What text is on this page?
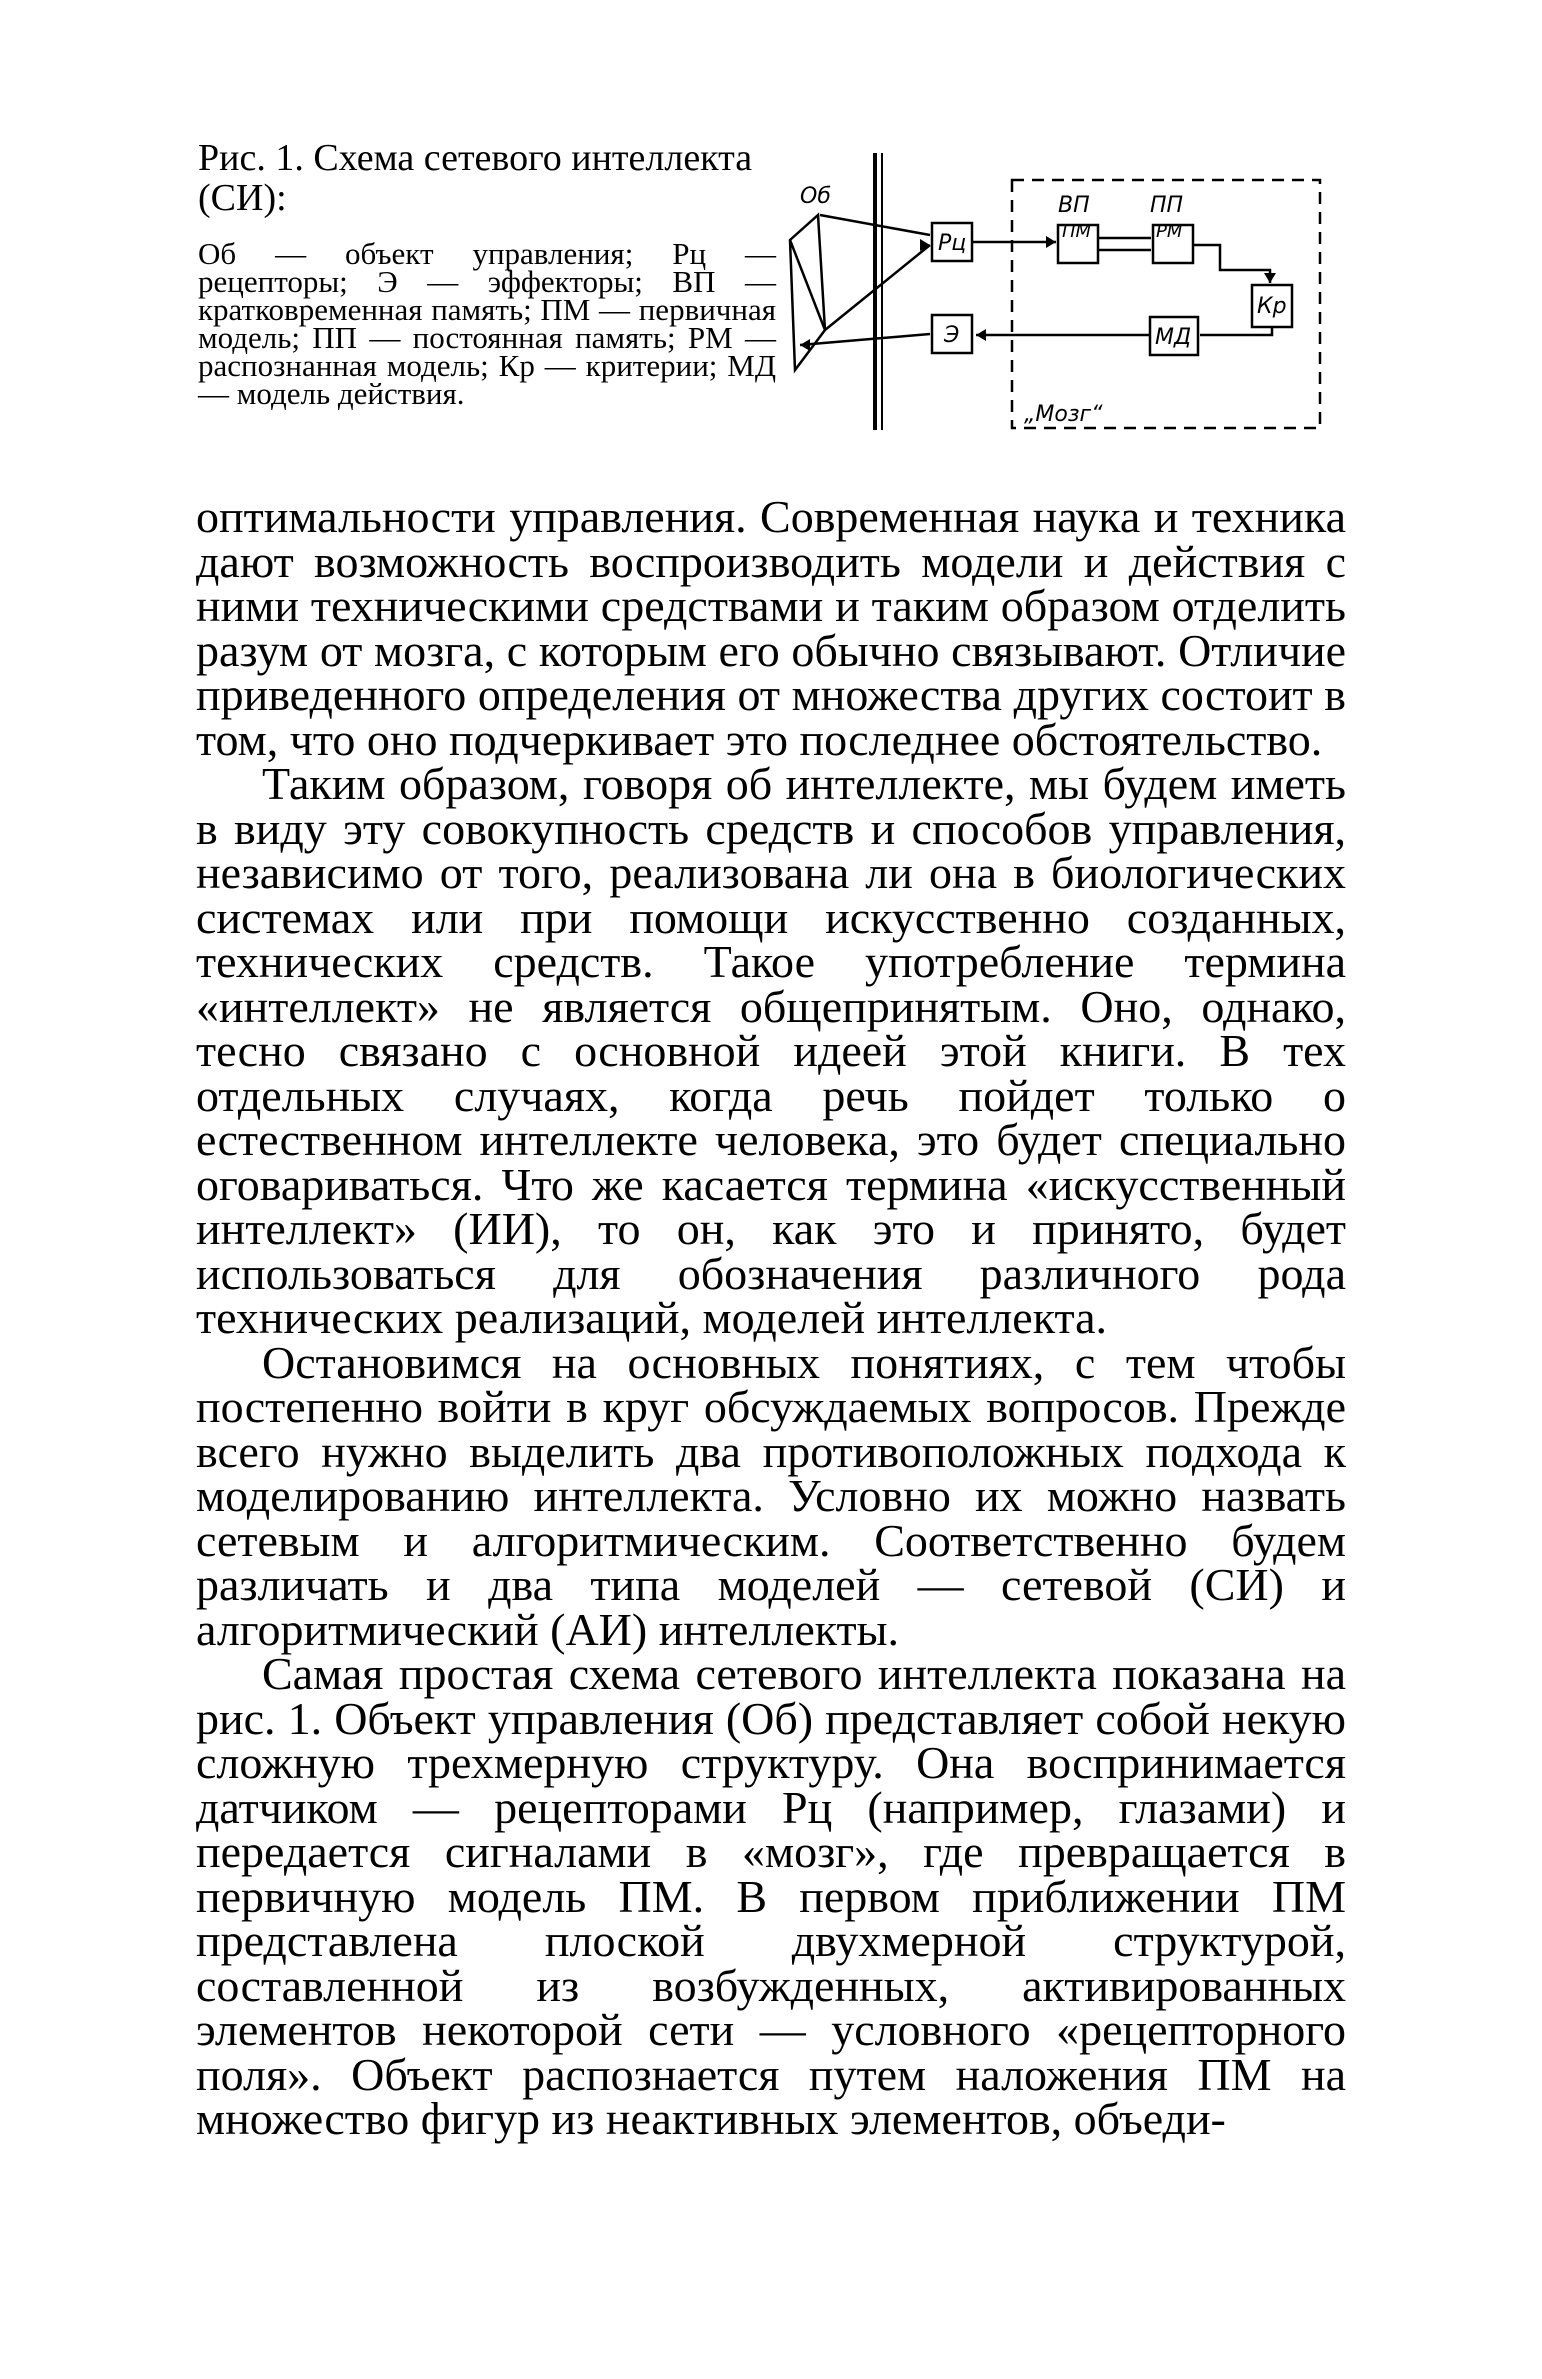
Рис. 1. Схема сетевого интеллекта (СИ):
Об — объект управления; Рц — рецепторы; Э — эффекторы; ВП — кратковременная память; ПМ — первичная модель; ПП — постоянная память; РМ — распознанная модель; Кр — критерии; МД — модель действия.
Об	ВП	ПП
Рц	ПМ	РМ
Кр
Э	МД
„Мозг“

оптимальности управления. Современная наука и техника дают возможность воспроизводить модели и действия с ними техническими средствами и таким образом отделить разум от мозга, с которым его обычно связывают. Отличие приведенного определения от множества других состоит в том, что оно подчеркивает это последнее обстоятельство.

Таким образом, говоря об интеллекте, мы будем иметь в виду эту совокупность средств и способов управления, независимо от того, реализована ли она в биологических системах или при помощи искусственно созданных, технических средств. Такое употребление термина «интеллект» не является общепринятым. Оно, однако, тесно связано с основной идеей этой книги. В тех отдельных случаях, когда речь пойдет только о естественном интеллекте человека, это будет специально оговариваться. Что же касается термина «искусственный интеллект» (ИИ), то он, как это и принято, будет использоваться для обозначения различного рода технических реализаций, моделей интеллекта.

Остановимся на основных понятиях, с тем чтобы постепенно войти в круг обсуждаемых вопросов. Прежде всего нужно выделить два противоположных подхода к моделированию интеллекта. Условно их можно назвать сетевым и алгоритмическим. Соответственно будем различать и два типа моделей — сетевой (СИ) и алгоритмический (АИ) интеллекты.

Самая простая схема сетевого интеллекта показана на рис. 1. Объект управления (Об) представляет собой некую сложную трехмерную структуру. Она воспринимается датчиком — рецепторами Рц (например, глазами) и передается сигналами в «мозг», где превращается в первичную модель ПМ. В первом приближении ПМ представлена плоской двухмерной структурой, составленной из возбужденных, активированных элементов некоторой сети — условного «рецепторного поля». Объект распознается путем наложения ПМ на множество фигур из неактивных элементов, объеди-
